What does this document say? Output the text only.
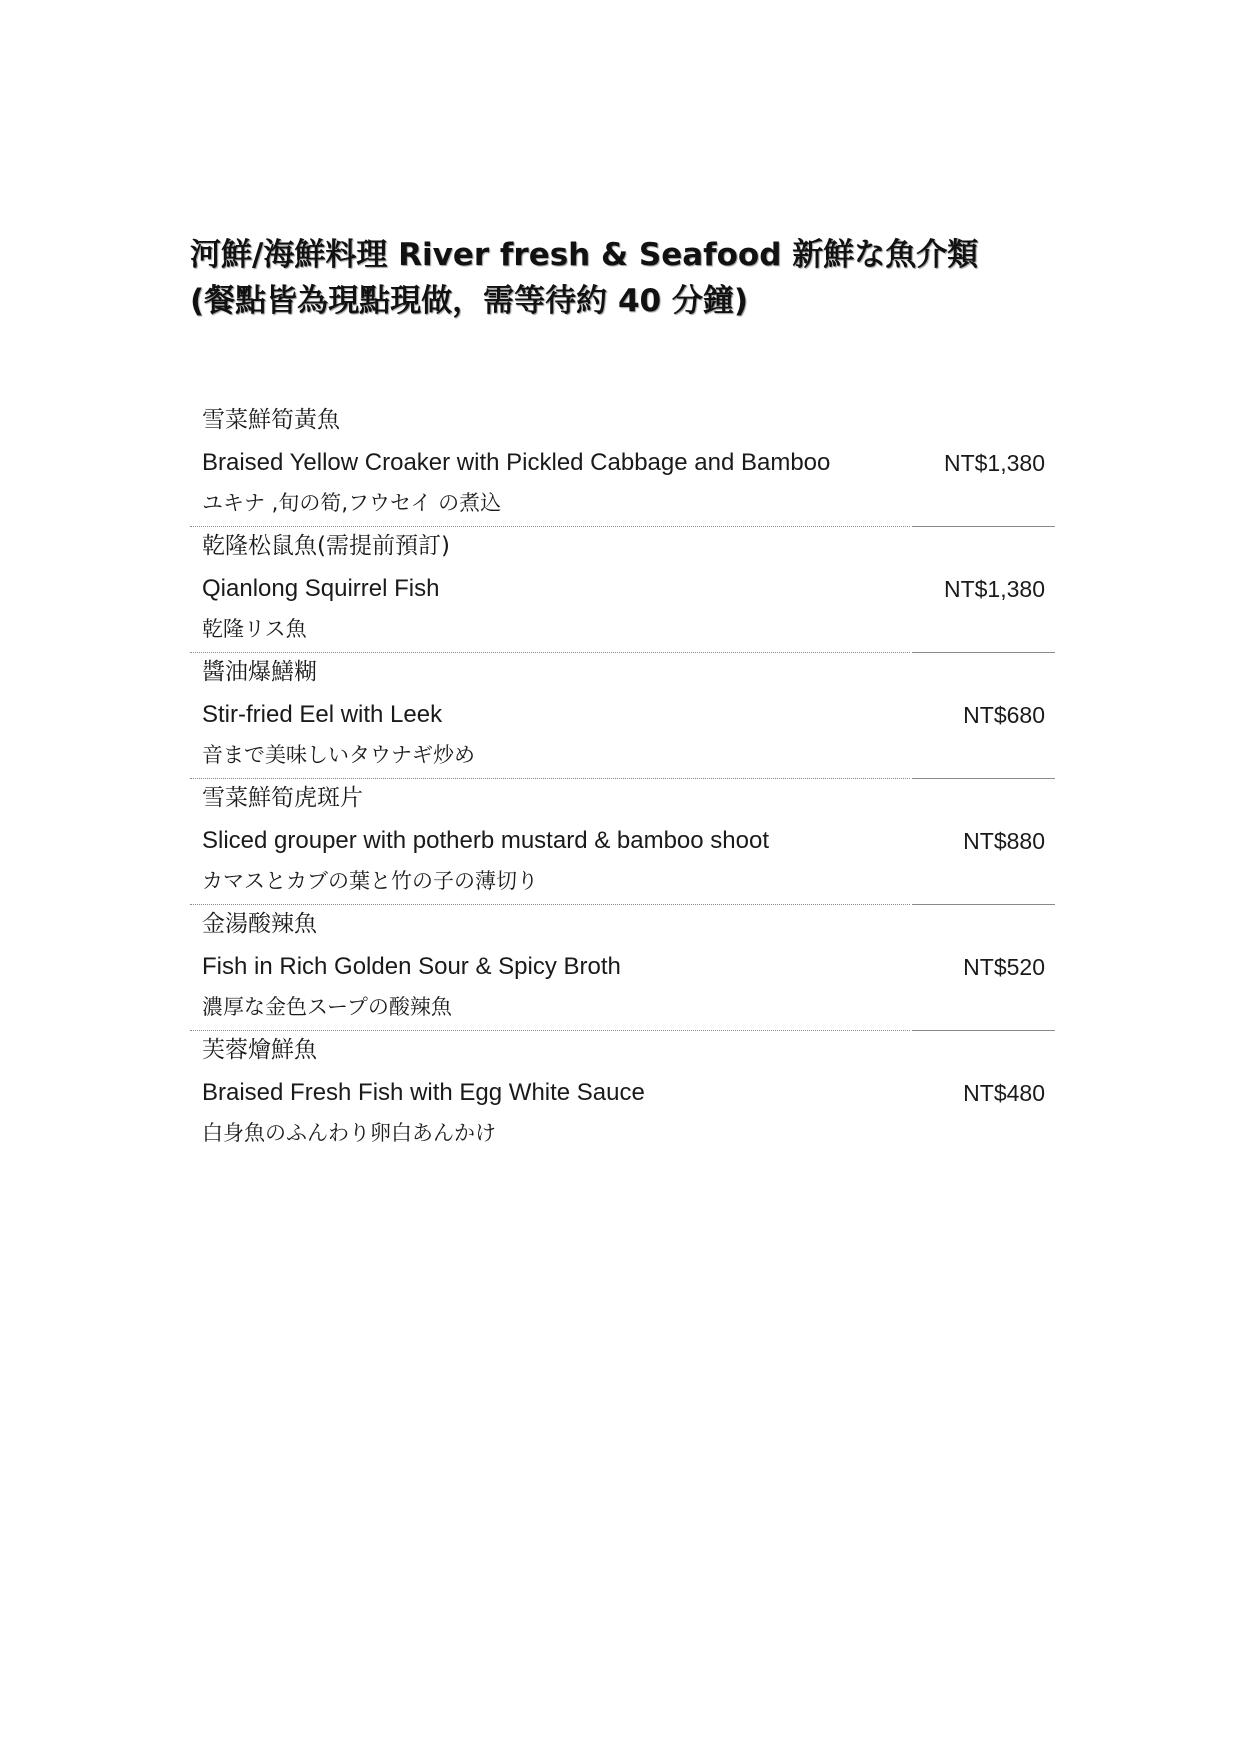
河鮮/海鮮料理 River fresh & Seafood 新鮮な魚介類
(餐點皆為現點現做，需等待約 40 分鐘)
雪菜鮮筍黃魚
Braised Yellow Croaker with Pickled Cabbage and Bamboo
ユキナ ,旬の筍,フウセイ の煮込
NT$1,380
乾隆松鼠魚(需提前預訂)
Qianlong Squirrel Fish
乾隆リス魚
NT$1,380
醬油爆鱔糊
Stir-fried Eel with Leek
音まで美味しいタウナギ炒め
NT$680
雪菜鮮筍虎斑片
Sliced grouper with potherb mustard & bamboo shoot
カマスとカブの葉と竹の子の薄切り
NT$880
金湯酸辣魚
Fish in Rich Golden Sour & Spicy Broth
濃厚な金色スープの酸辣魚
NT$520
芙蓉燴鮮魚
Braised Fresh Fish with Egg White Sauce
白身魚のふんわり卵白あんかけ
NT$480
